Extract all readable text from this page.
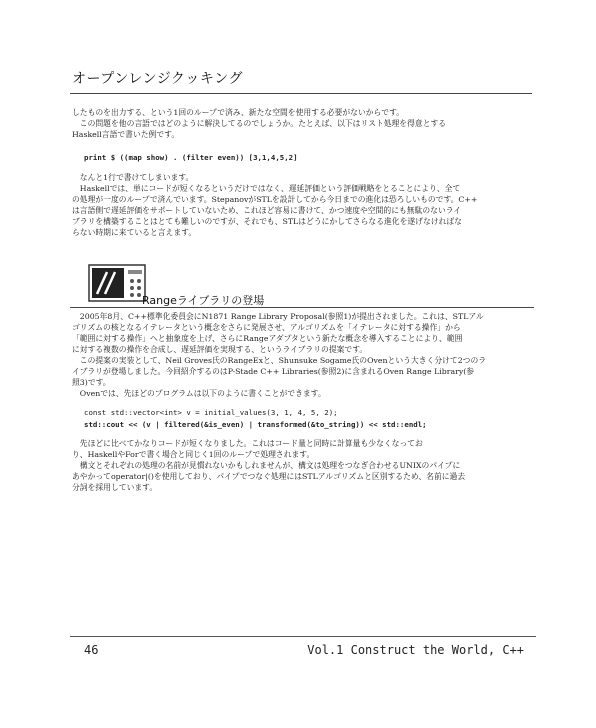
オープンレンジクッキング

したものを出力する、という1回のループで済み、新たな空間を使用する必要がないからです。

この問題を他の言語ではどのように解決してるのでしょうか。たとえば、以下はリスト処理を得意とする

Haskell言語で書いた例です。

print $ ((map show) . (filter even)) [3,1,4,5,2]

なんと1行で書けてしまいます。

Haskellでは、単にコードが短くなるというだけではなく、遅延評価という評価戦略をとることにより、全て

の処理が一度のループで済んでいます。StepanovがSTLを設計してから今日までの進化は恐ろしいものです。C++

は言語側で遅延評価をサポートしていないため、これほど容易に書けて、かつ速度や空間的にも無駄のないライ

ブラリを構築することはとても難しいのですが、それでも、STLはどうにかしてさらなる進化を遂げなければな

らない時期に来ていると言えます。

Rangeライブラリの登場

2005年8月、C++標準化委員会にN1871 Range Library Proposal(参照1)が提出されました。これは、STLアル

ゴリズムの核となるイテレータという概念をさらに発展させ、アルゴリズムを「イテレータに対する操作」から

「範囲に対する操作」へと抽象度を上げ、さらにRangeアダプタという新たな概念を導入することにより、範囲

に対する複数の操作を合成し、遅延評価を実現する、というライブラリの提案です。

この提案の実装として、Neil Groves氏のRangeExと、Shunsuke Sogame氏のOvenという大きく分けて2つのラ

イブラリが登場しました。今回紹介するのはP-Stade C++ Libraries(参照2)に含まれるOven Range Library(参

照3)です。

Ovenでは、先ほどのプログラムは以下のように書くことができます。

const std::vector<int> v = initial_values(3, 1, 4, 5, 2);
std::cout << (v | filtered(&is_even) | transformed(&to_string)) << std::endl;

先ほどに比べてかなりコードが短くなりました。これはコード量と同時に計算量も少なくなってお

り、HaskellやForで書く場合と同じく1回のループで処理されます。

構文とそれぞれの処理の名前が見慣れないかもしれませんが、構文は処理をつなぎ合わせるUNIXのパイプに

あやかってoperator|()を使用しており、パイプでつなぐ処理にはSTLアルゴリズムと区別するため、名前に過去

分詞を採用しています。

46	Vol.1 Construct the World, C++
